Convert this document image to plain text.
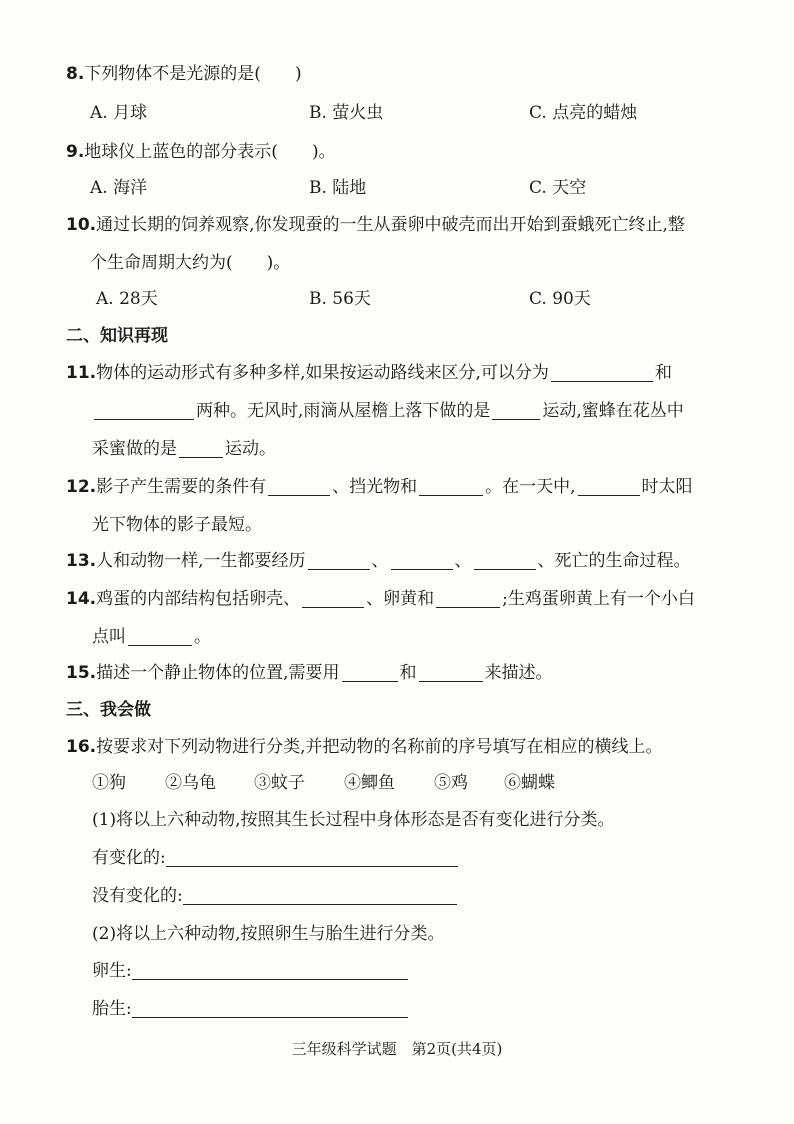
8.下列物体不是光源的是( )
A. 月球	B. 萤火虫	C. 点亮的蜡烛
9.地球仪上蓝色的部分表示( )。
A. 海洋	B. 陆地	C. 天空
10.通过长期的饲养观察,你发现蚕的一生从蚕卵中破壳而出开始到蚕蛾死亡终止,整
个生命周期大约为( )。
A. 28天	B. 56天	C. 90天
二、知识再现
11.物体的运动形式有多种多样,如果按运动路线来区分,可以分为	和
两种。无风时,雨滴从屋檐上落下做的是	运动,蜜蜂在花丛中
采蜜做的是	运动。
12.影子产生需要的条件有	、挡光物和	。在一天中,	时太阳
光下物体的影子最短。
13.人和动物一样,一生都要经历	、	、	、死亡的生命过程。
14.鸡蛋的内部结构包括卵壳、	、卵黄和	;生鸡蛋卵黄上有一个小白
点叫	。
15.描述一个静止物体的位置,需要用	和	来描述。
三、我会做
16.按要求对下列动物进行分类,并把动物的名称前的序号填写在相应的横线上。
①狗 ②乌龟 ③蚊子 ④鲫鱼 ⑤鸡 ⑥蝴蝶
(1)将以上六种动物,按照其生长过程中身体形态是否有变化进行分类。
有变化的:
没有变化的:
(2)将以上六种动物,按照卵生与胎生进行分类。
卵生:
胎生:
三年级科学试题　第2页(共4页)
